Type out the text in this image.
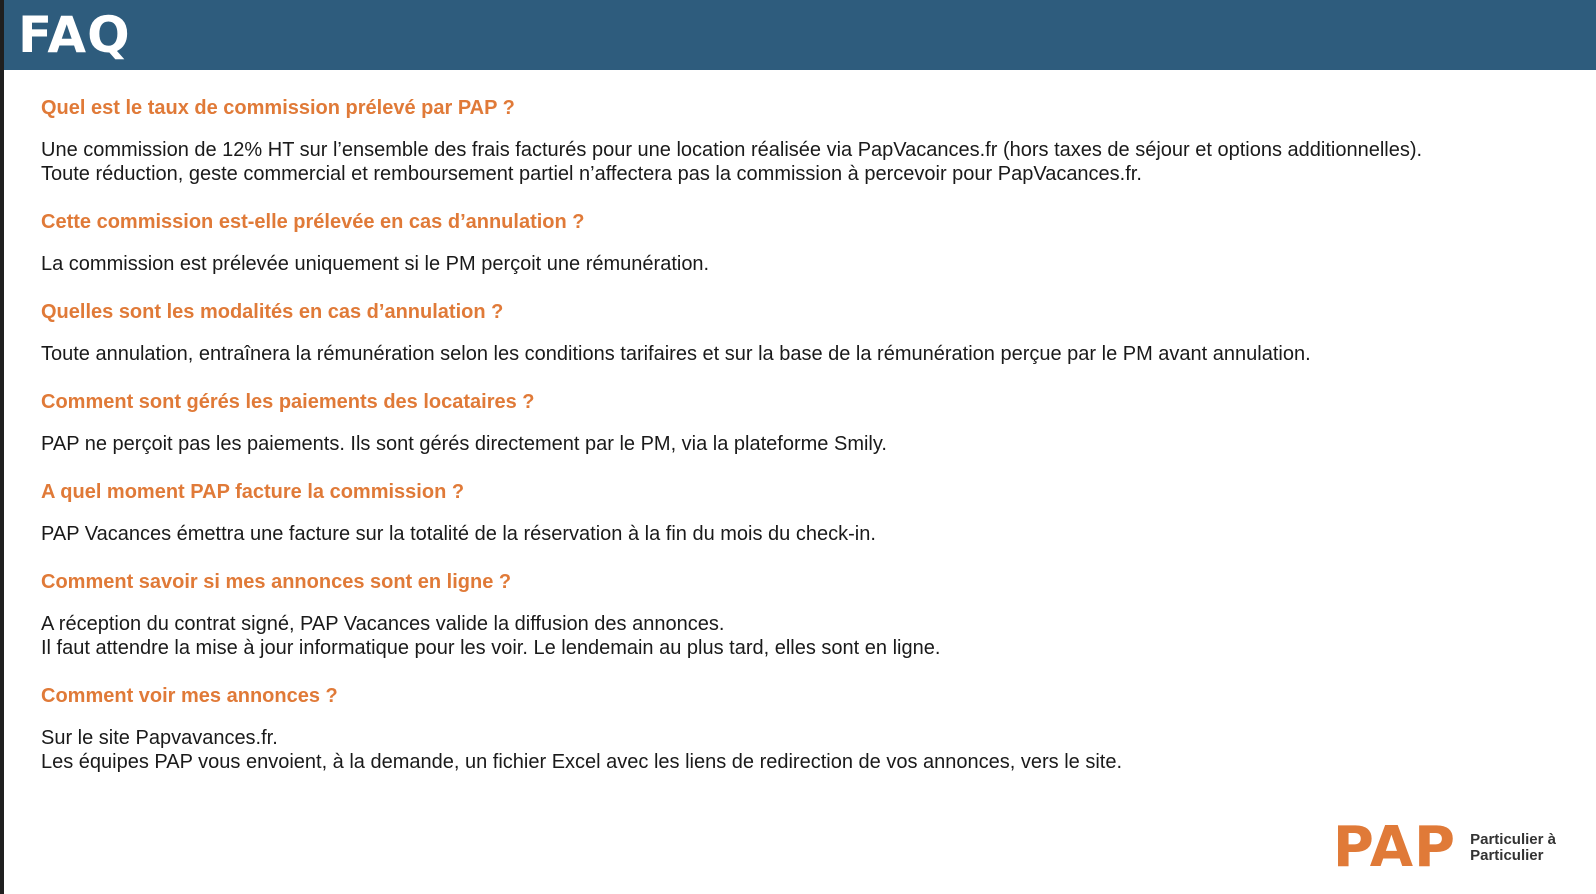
FAQ
Quel est le taux de commission prélevé par PAP ?
Une commission de 12% HT sur l’ensemble des frais facturés pour une location réalisée via PapVacances.fr (hors taxes de séjour et options additionnelles).
Toute réduction, geste commercial et remboursement partiel n’affectera pas la commission à percevoir pour PapVacances.fr.
Cette commission est-elle prélevée en cas d’annulation ?
La commission est prélevée uniquement si le PM perçoit une rémunération.
Quelles sont les modalités en cas d’annulation ?
Toute annulation, entraînera la rémunération selon les conditions tarifaires et sur la base de la rémunération perçue par le PM avant annulation.
Comment sont gérés les paiements des locataires ?
PAP ne perçoit pas les paiements. Ils sont gérés directement par le PM, via la plateforme Smily.
A quel moment PAP facture la commission ?
PAP Vacances émettra une facture sur la totalité de la réservation à la fin du mois du check-in.
Comment savoir si mes annonces sont en ligne ?
A réception du contrat signé, PAP Vacances valide la diffusion des annonces.
Il faut attendre la mise à jour informatique pour les voir. Le lendemain au plus tard, elles sont en ligne.
Comment voir mes annonces ?
Sur le site Papvavances.fr.
Les équipes PAP vous envoient, à la demande, un fichier Excel avec les liens de redirection de vos annonces, vers le site.
PAP Particulier à
Particulier
